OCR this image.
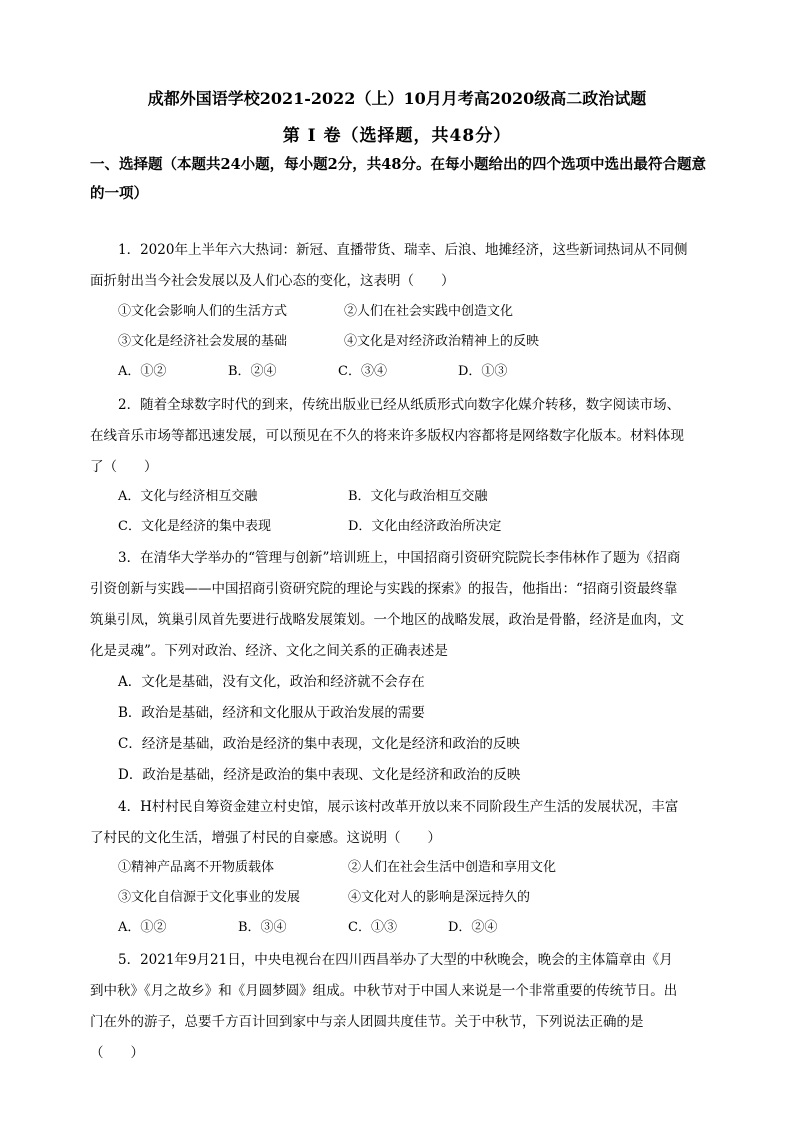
成都外国语学校2021-2022（上）10月月考高2020级高二政治试题
第 Ⅰ 卷（选择题，共48分）
一、选择题（本题共24小题，每小题2分，共48分。在每小题给出的四个选项中选出最符合题意的一项）
1．2020年上半年六大热词：新冠、直播带货、瑞幸、后浪、地摊经济，这些新词热词从不同侧
面折射出当今社会发展以及人们心态的变化，这表明（　　）
①文化会影响人们的生活方式	②人们在社会实践中创造文化
③文化是经济社会发展的基础	④文化是对经济政治精神上的反映
A．①②	B．②④	C．③④	D．①③
2．随着全球数字时代的到来，传统出版业已经从纸质形式向数字化媒介转移，数字阅读市场、
在线音乐市场等都迅速发展，可以预见在不久的将来许多版权内容都将是网络数字化版本。材料体现
了（　　）
A．文化与经济相互交融	B．文化与政治相互交融
C．文化是经济的集中表现	D．文化由经济政治所决定
3．在清华大学举办的“管理与创新”培训班上，中国招商引资研究院院长李伟林作了题为《招商
引资创新与实践——中国招商引资研究院的理论与实践的探索》的报告，他指出：“招商引资最终靠
筑巢引凤，筑巢引凤首先要进行战略发展策划。一个地区的战略发展，政治是骨骼，经济是血肉，文
化是灵魂”。下列对政治、经济、文化之间关系的正确表述是
A．文化是基础，没有文化，政治和经济就不会存在
B．政治是基础，经济和文化服从于政治发展的需要
C．经济是基础，政治是经济的集中表现，文化是经济和政治的反映
D．政治是基础，经济是政治的集中表现、文化是经济和政治的反映
4．H村村民自筹资金建立村史馆，展示该村改革开放以来不同阶段生产生活的发展状况，丰富
了村民的文化生活，增强了村民的自豪感。这说明（　　）
①精神产品离不开物质载体	②人们在社会生活中创造和享用文化
③文化自信源于文化事业的发展	④文化对人的影响是深远持久的
A．①②	B．③④	C．①③	D．②④
5．2021年9月21日，中央电视台在四川西昌举办了大型的中秋晚会，晚会的主体篇章由《月
到中秋》《月之故乡》和《月圆梦圆》组成。中秋节对于中国人来说是一个非常重要的传统节日。出
门在外的游子，总要千方百计回到家中与亲人团圆共度佳节。关于中秋节，下列说法正确的是
（　　）
